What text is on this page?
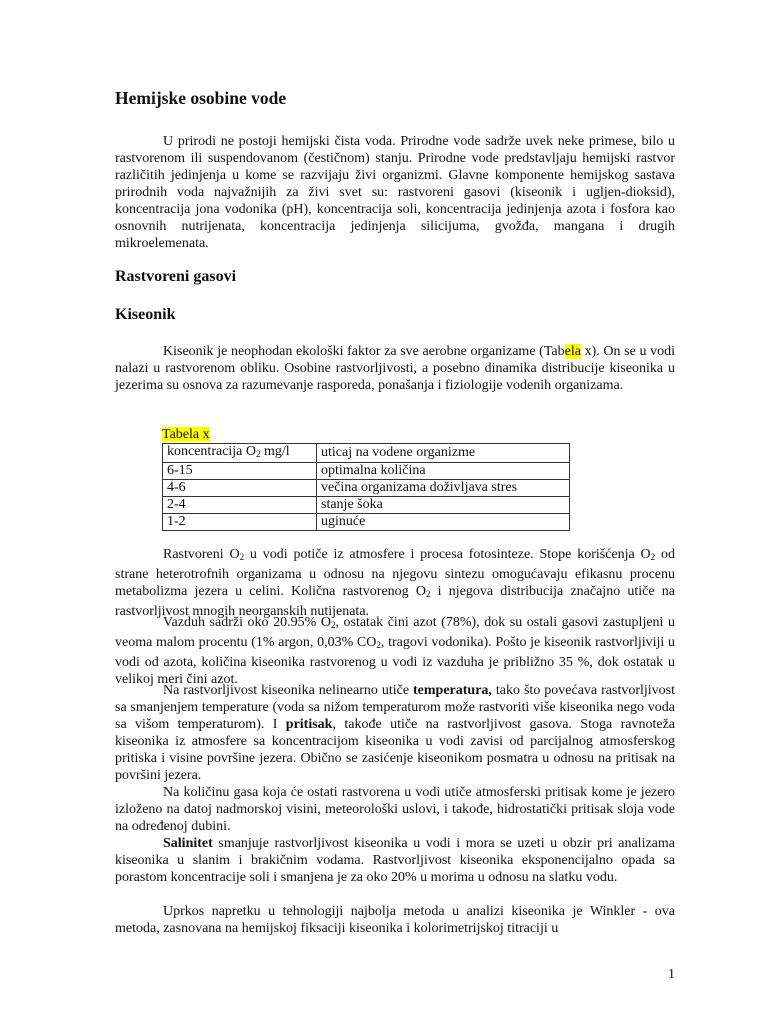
Hemijske osobine vode

U prirodi ne postoji hemijski čista voda. Prirodne vode sadrže uvek neke primese, bilo u rastvorenom ili suspendovanom (čestičnom) stanju. Prirodne vode predstavljaju hemijski rastvor različitih jedinjenja u kome se razvijaju živi organizmi. Glavne komponente hemijskog sastava prirodnih voda najvažnijih za živi svet su: rastvoreni gasovi (kiseonik i ugljen-dioksid), koncentracija jona vodonika (pH), koncentracija soli, koncentracija jedinjenja azota i fosfora kao osnovnih nutrijenata, koncentracija jedinjenja silicijuma, gvožđa, mangana i drugih mikroelemenata.

Rastvoreni gasovi
Kiseonik

Kiseonik je neophodan ekološki faktor za sve aerobne organizame (Tabela x). On se u vodi nalazi u rastvorenom obliku. Osobine rastvorljivosti, a posebno dinamika distribucije kiseonika u jezerima su osnova za razumevanje rasporeda, ponašanja i fiziologije vodenih organizama.

Tabela x
koncentracija $O_2$ mg/l	uticaj na vodene organizme
6-15	optimalna količina
4-6	večina organizama doživljava stres
2-4	stanje šoka
1-2	uginuće

Rastvoreni $O_2$ u vodi potiče iz atmosfere i procesa fotosinteze. Stope korišćenja $O_2$ od strane heterotrofnih organizama u odnosu na njegovu sintezu omogućavaju efikasnu procenu metabolizma jezera u celini. Količna rastvorenog $O_2$ i njegova distribucija značajno utiče na rastvorljivost mnogih neorganskih nutijenata.

Vazduh sadrži oko 20.95% $O_2$, ostatak čini azot (78%), dok su ostali gasovi zastupljeni u veoma malom procentu (1% argon, 0,03% $CO_2$, tragovi vodonika). Pošto je kiseonik rastvorljiviji u vodi od azota, količina kiseonika rastvorenog u vodi iz vazduha je približno 35 %, dok ostatak u velikoj meri čini azot.

Na rastvorljivost kiseonika nelinearno utiče temperatura, tako što povećava rastvorljivost sa smanjenjem temperature (voda sa nižom temperaturom može rastvoriti više kiseonika nego voda sa višom temperaturom). I pritisak, takođe utiče na rastvorljivost gasova. Stoga ravnoteža kiseonika iz atmosfere sa koncentracijom kiseonika u vodi zavisi od parcijalnog atmosferskog pritiska i visine površine jezera. Obično se zasićenje kiseonikom posmatra u odnosu na pritisak na površini jezera.

Na količinu gasa koja će ostati rastvorena u vodi utiče atmosferski pritisak kome je jezero izloženo na datoj nadmorskoj visini, meteorološki uslovi, i takođe, hidrostatički pritisak sloja vode na određenoj dubini.

Salinitet smanjuje rastvorljivost kiseonika u vodi i mora se uzeti u obzir pri analizama kiseonika u slanim i brakičnim vodama. Rastvorljivost kiseonika eksponencijalno opada sa porastom koncentracije soli i smanjena je za oko 20% u morima u odnosu na slatku vodu.

Uprkos napretku u tehnologiji najbolja metoda u analizi kiseonika je Winkler - ova metoda, zasnovana na hemijskoj fiksaciji kiseonika i kolorimetrijskoj titraciji u

1
